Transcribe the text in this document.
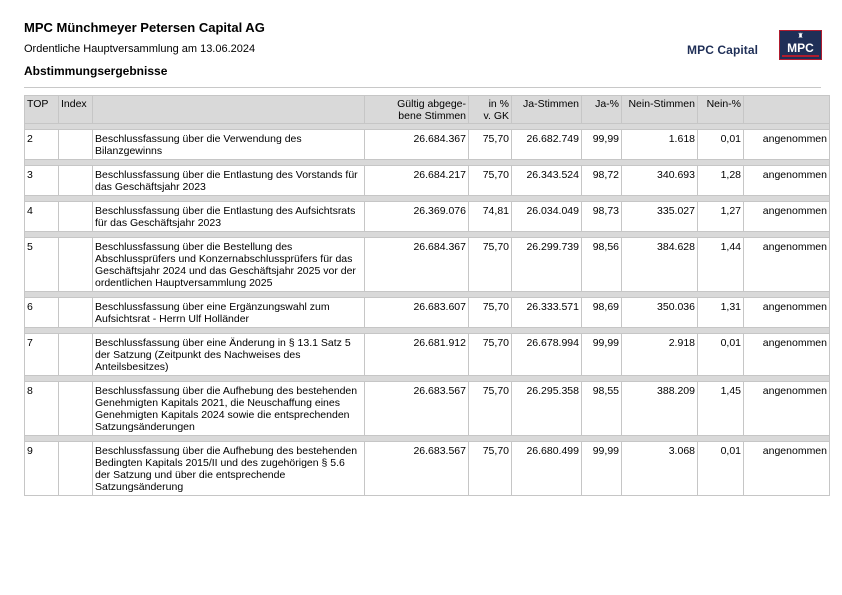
MPC Münchmeyer Petersen Capital AG
Ordentliche Hauptversammlung am 13.06.2024
Abstimmungsergebnisse
MPC Capital
♜
MPC
TOP	Index		Gültig abgege-
bene Stimmen	in %
v. GK	Ja-Stimmen	Ja-%	Nein-Stimmen	Nein-%	

2		Beschlussfassung über die Verwendung des Bilanzgewinns	26.684.367	75,70	26.682.749	99,99	1.618	0,01	angenommen

3		Beschlussfassung über die Entlastung des Vorstands für das Geschäftsjahr 2023	26.684.217	75,70	26.343.524	98,72	340.693	1,28	angenommen

4		Beschlussfassung über die Entlastung des Aufsichtsrats für das Geschäftsjahr 2023	26.369.076	74,81	26.034.049	98,73	335.027	1,27	angenommen

5		Beschlussfassung über die Bestellung des Abschlussprüfers und Konzernabschlussprüfers für das Geschäftsjahr 2024 und das Geschäftsjahr 2025 vor der ordentlichen Hauptversammlung 2025	26.684.367	75,70	26.299.739	98,56	384.628	1,44	angenommen

6		Beschlussfassung über eine Ergänzungswahl zum Aufsichtsrat - Herrn Ulf Holländer	26.683.607	75,70	26.333.571	98,69	350.036	1,31	angenommen

7		Beschlussfassung über eine Änderung in § 13.1 Satz 5 der Satzung (Zeitpunkt des Nachweises des Anteilsbesitzes)	26.681.912	75,70	26.678.994	99,99	2.918	0,01	angenommen

8		Beschlussfassung über die Aufhebung des bestehenden Genehmigten Kapitals 2021, die Neuschaffung eines Genehmigten Kapitals 2024 sowie die entsprechenden Satzungsänderungen	26.683.567	75,70	26.295.358	98,55	388.209	1,45	angenommen

9		Beschlussfassung über die Aufhebung des bestehenden Bedingten Kapitals 2015/II und des zugehörigen § 5.6 der Satzung und über die entsprechende Satzungsänderung	26.683.567	75,70	26.680.499	99,99	3.068	0,01	angenommen
